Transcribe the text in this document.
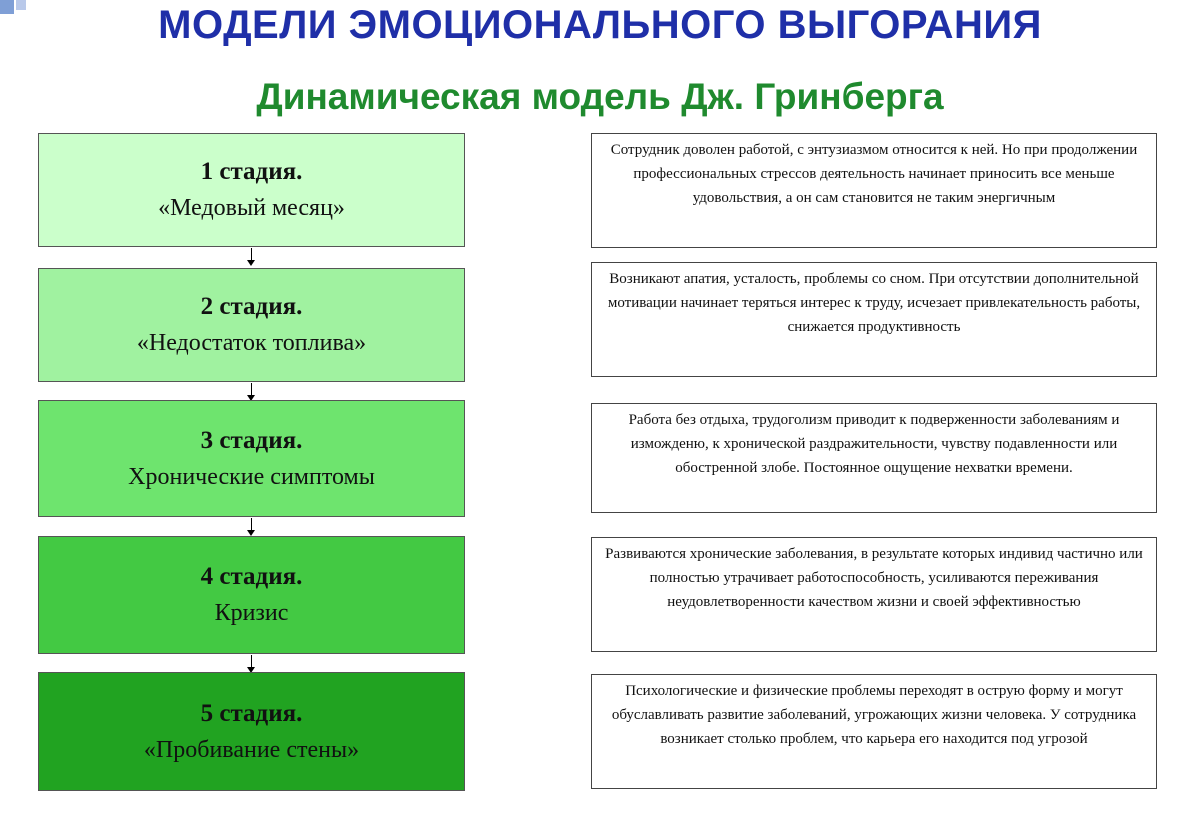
МОДЕЛИ ЭМОЦИОНАЛЬНОГО ВЫГОРАНИЯ
Динамическая модель Дж. Гринберга
1 стадия.
«Медовый месяц»
2 стадия.
«Недостаток топлива»
3 стадия.
Хронические симптомы
4 стадия.
Кризис
5 стадия.
«Пробивание стены»
Сотрудник доволен работой, с энтузиазмом относится к ней. Но при продолжении профессиональных стрессов деятельность начинает приносить все меньше удовольствия, а он сам становится не таким энергичным
Возникают апатия, усталость, проблемы со сном. При отсутствии дополнительной мотивации начинает теряться интерес к труду, исчезает привлекательность работы, снижается продуктивность
Работа без отдыха, трудоголизм приводит к подверженности заболеваниям и изможденю, к хронической раздражительности, чувству подавленности или обостренной злобе. Постоянное ощущение нехватки времени.
Развиваются хронические заболевания, в результате которых индивид частично или полностью утрачивает работоспособность, усиливаются переживания неудовлетворенности качеством жизни и своей эффективностью
Психологические и физические проблемы переходят в острую форму и могут обуславливать развитие заболеваний, угрожающих жизни человека. У сотрудника возникает столько проблем, что карьера его находится под угрозой
